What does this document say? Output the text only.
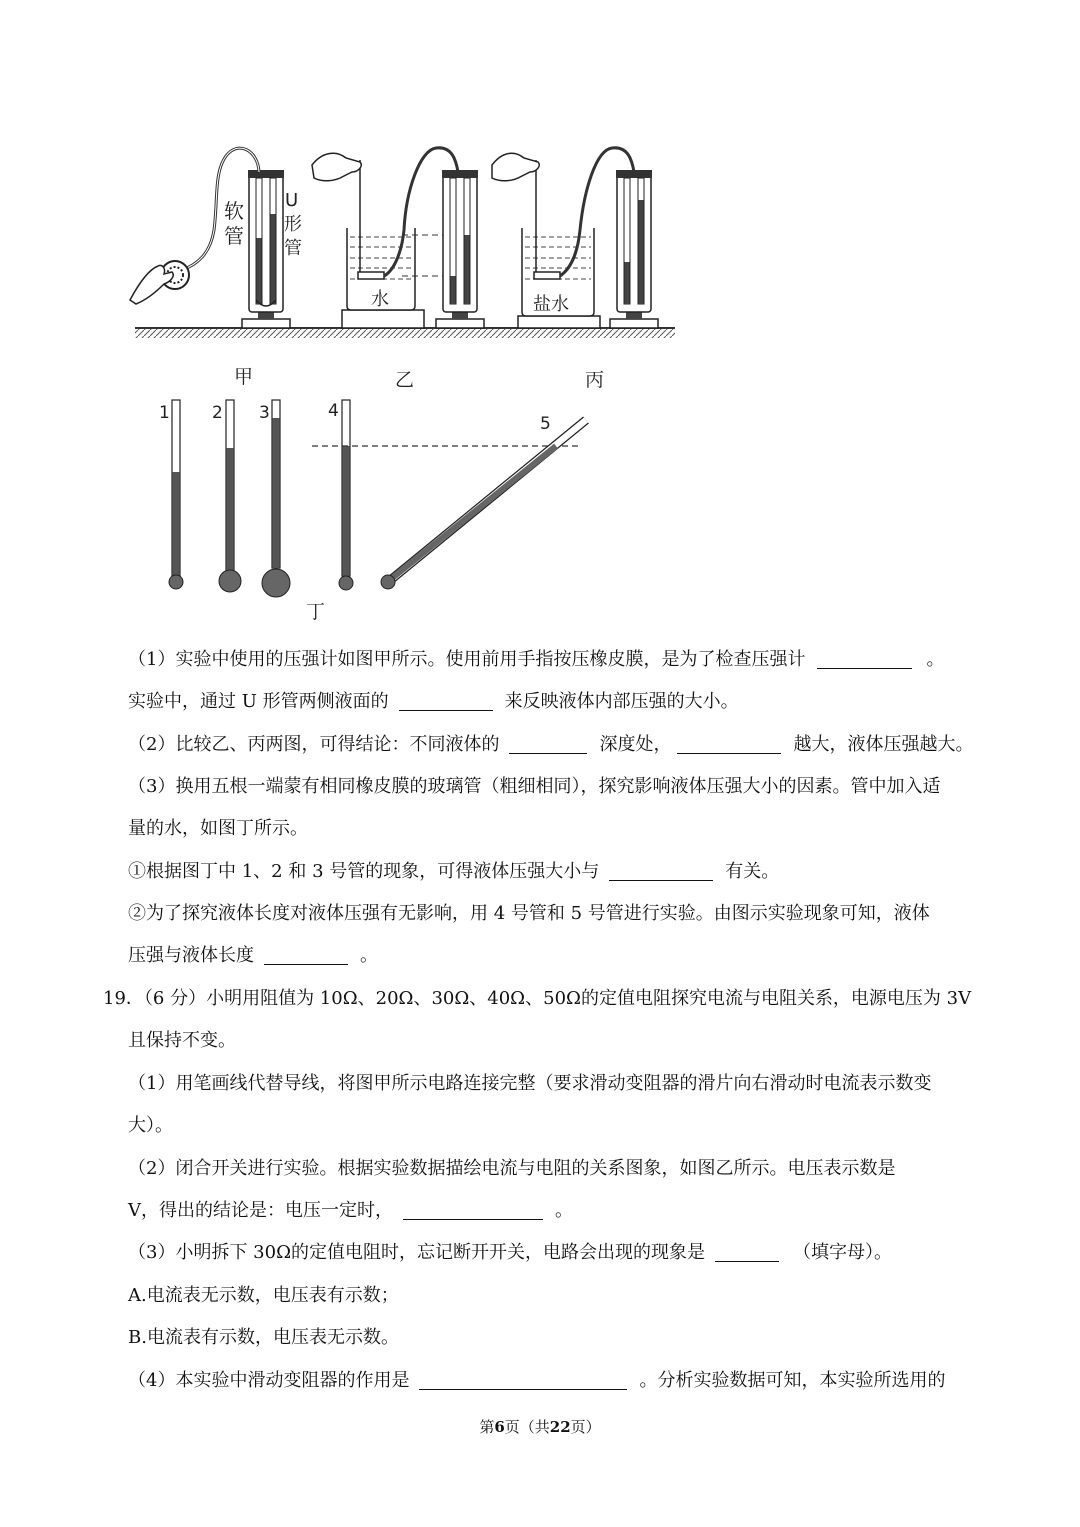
软
管
U
形
管
水	盐水
甲	乙	丙
1 2 3	4
5
丁
（1）实验中使用的压强计如图甲所示。使用前用手指按压橡皮膜，是为了检查压强计	。
实验中，通过 U 形管两侧液面的	来反映液体内部压强的大小。
（2）比较乙、丙两图，可得结论：不同液体的	深度处，	越大，液体压强越大。
（3）换用五根一端蒙有相同橡皮膜的玻璃管（粗细相同），探究影响液体压强大小的因素。管中加入适
量的水，如图丁所示。
①根据图丁中 1、2 和 3 号管的现象，可得液体压强大小与	有关。
②为了探究液体长度对液体压强有无影响，用 4 号管和 5 号管进行实验。由图示实验现象可知，液体
压强与液体长度	。
19．（6 分）小明用阻值为 10Ω、20Ω、30Ω、40Ω、50Ω的定值电阻探究电流与电阻关系，电源电压为 3V
且保持不变。
（1）用笔画线代替导线，将图甲所示电路连接完整（要求滑动变阻器的滑片向右滑动时电流表示数变
大）。
（2）闭合开关进行实验。根据实验数据描绘电流与电阻的关系图象，如图乙所示。电压表示数是
V，得出的结论是：电压一定时，	。
（3）小明拆下 30Ω的定值电阻时，忘记断开开关，电路会出现的现象是	（填字母）。
A.电流表无示数，电压表有示数；
B.电流表有示数，电压表无示数。
（4）本实验中滑动变阻器的作用是	。分析实验数据可知，本实验所选用的
第6页（共22页）
